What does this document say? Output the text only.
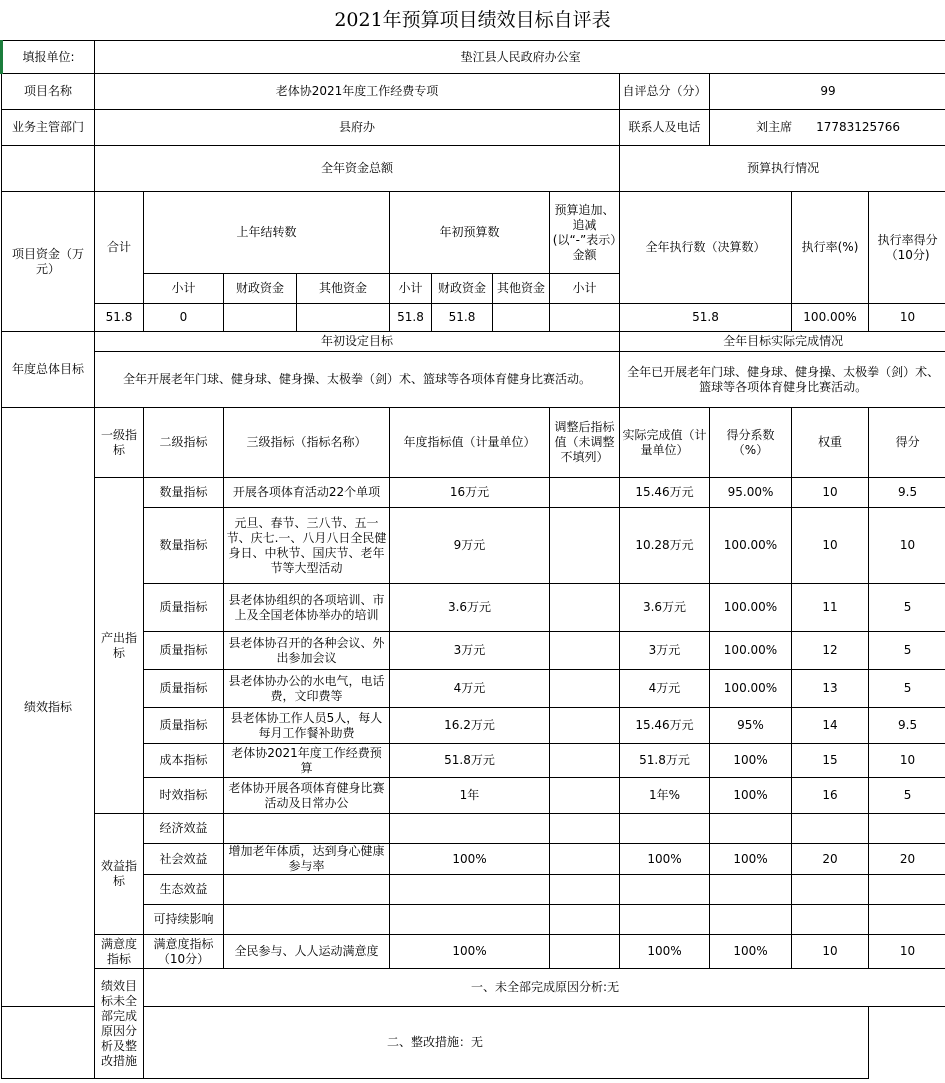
2021年预算项目绩效目标自评表
填报单位:	垫江县人民政府办公室											
项目名称	老体协2021年度工作经费专项								自评总分（分）	99		
业务主管部门	县府办								联系人及电话	刘主席　　17783125766		
	全年资金总额								预算执行情况			
项目资金（万元）	合计	上年结转数			年初预算数			预算追加、追减(以“-”表示）金额	全年执行数（决算数）		执行率(%)	执行率得分（10分)
		小计	财政资金	其他资金	小计	财政资金	其他资金	小计				
	51.8	0			51.8	51.8			51.8		100.00%	10
年度总体目标	年初设定目标								全年目标实际完成情况			
	全年开展老年门球、健身球、健身操、太极拳（剑）术、篮球等各项体育健身比赛活动。								全年已开展老年门球、健身球、健身操、太极拳（剑）术、篮球等各项体育健身比赛活动。			
绩效指标	一级指标	二级指标	三级指标（指标名称）		年度指标值（计量单位）			调整后指标值（未调整不填列）	实际完成值（计量单位）	得分系数（%）	权重	得分
	产出指标	数量指标	开展各项体育活动22个单项		16万元				15.46万元	95.00%	10	9.5
		数量指标	元旦、春节、三八节、五一节、庆七.一、八月八日全民健身日、中秋节、国庆节、老年节等大型活动		9万元				10.28万元	100.00%	10	10
		质量指标	县老体协组织的各项培训、市上及全国老体协举办的培训		3.6万元				3.6万元	100.00%	11	5
		质量指标	县老体协召开的各种会议、外出参加会议		3万元				3万元	100.00%	12	5
		质量指标	县老体协办公的水电气，电话费，文印费等		4万元				4万元	100.00%	13	5
		质量指标	县老体协工作人员5人，每人每月工作餐补助费		16.2万元				15.46万元	95%	14	9.5
		成本指标	老体协2021年度工作经费预算		51.8万元				51.8万元	100%	15	10
		时效指标	老体协开展各项体育健身比赛活动及日常办公		1年				1年%	100%	16	5
	效益指标	经济效益										
		社会效益	增加老年体质，达到身心健康参与率		100%				100%	100%	20	20
		生态效益										
		可持续影响										
	满意度指标	满意度指标（10分）	全民参与、人人运动满意度		100%				100%	100%	10	10
	绩效目标未全部完成原因分析及整改措施	一、未全部完成原因分析:无										
二、整改措施：无												
